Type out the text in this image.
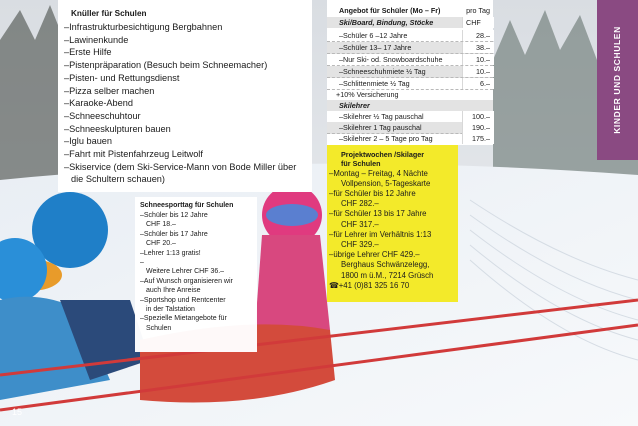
Knüller für Schulen
–Infrastrukturbesichtigung Bergbahnen
–Lawinenkunde
–Erste Hilfe
–Pistenpräparation (Besuch beim Schneemacher)
–Pisten- und Rettungsdienst
–Pizza selber machen
–Karaoke-Abend
–Schneeschuhtour
–Schneeskulpturen bauen
–Iglu bauen
–Fahrt mit Pistenfahrzeug Leitwolf
–Skiservice (dem Ski-Service-Mann von Bode Miller über
die Schultern schauen)
Schneesporttag für Schulen
–Schüler bis 12 Jahre
CHF 18.–
–Schüler bis 17 Jahre
CHF 20.–
–Lehrer 1:13 gratis!
–
Weitere Lehrer CHF 36.–
–Auf Wunsch organisieren wir
auch Ihre Anreise
–Sportshop und Rentcenter
in der Talstation
–Spezielle Mietangebote für
Schulen
Angebot für Schüler (Mo – Fr)	pro Tag
Ski/Board, Bindung, Stöcke	CHF
–Schüler 6 –12 Jahre	28.–
–Schüler 13– 17 Jahre	38.–
–Nur Ski- od. Snowboardschuhe	10.–
–Schneeschuhmiete ½ Tag	10.–
–Schlittenmiete ½ Tag	6.–
+10% Versicherung
Skilehrer
–Skilehrer ½ Tag pauschal	100.–
–Skilehrer 1 Tag pauschal	190.–
–Skilehrer 2 – 5 Tage pro Tag	175.–
Projektwochen /Skilager
für Schulen
–Montag – Freitag, 4 Nächte
Vollpension, 5-Tageskarte
–für Schüler bis 12 Jahre
CHF 282.–
–für Schüler 13 bis 17 Jahre
CHF 317.–
–für Lehrer im Verhältnis 1:13
CHF 329.–
–übrige Lehrer CHF 429.–
Berghaus Schwänzelegg,
1800 m ü.M., 7214 Grüsch
☎+41 (0)81 325 16 70
KINDER UND SCHULEN
15
